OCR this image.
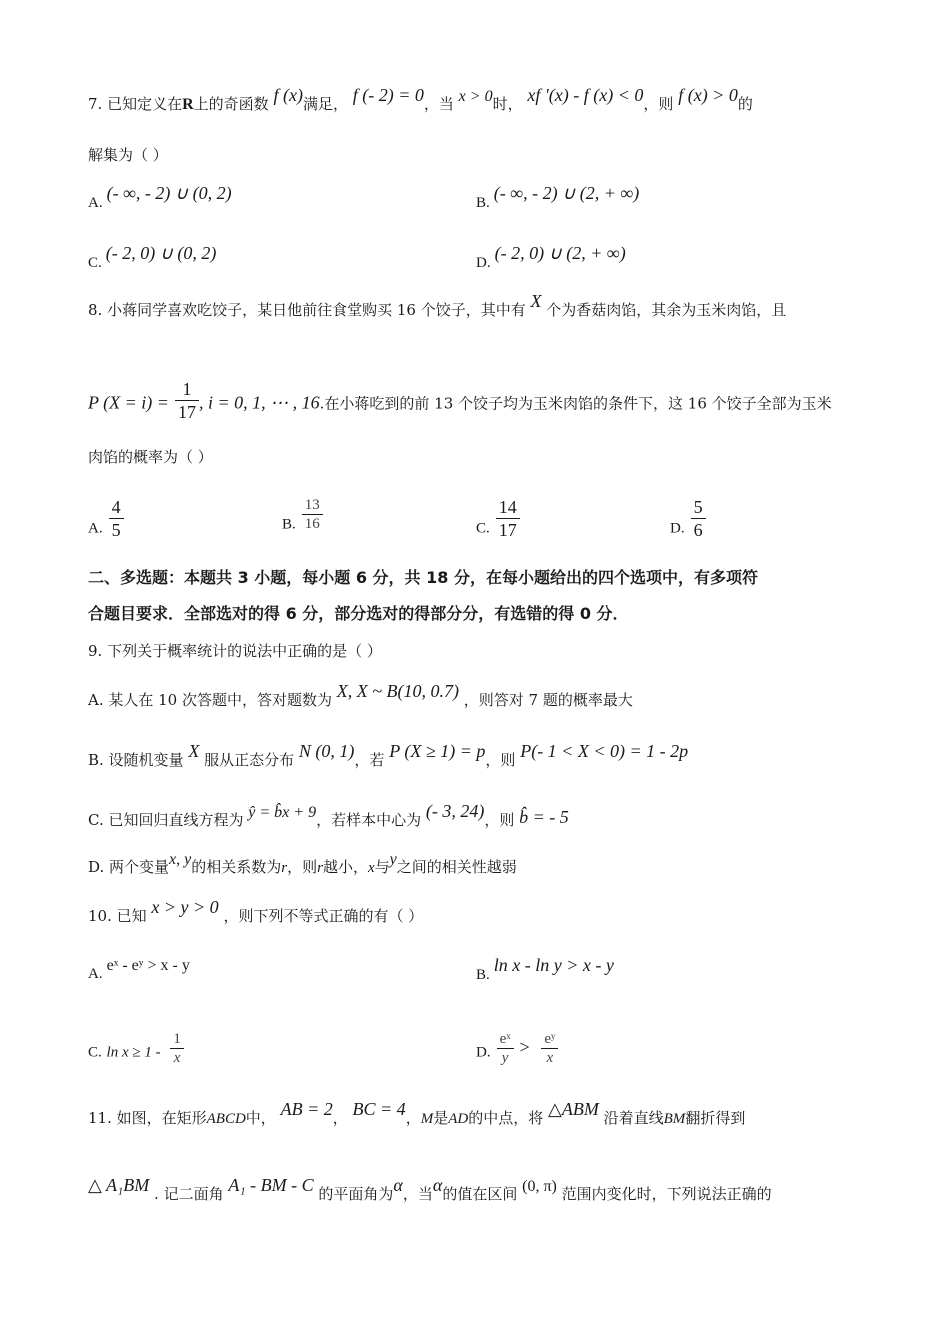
7. 已知定义在R上的奇函数 f (x)满足， f (- 2) = 0，当 x > 0时， xf ′(x) - f (x) < 0，则 f (x) > 0的
解集为（ ）
A. (- ∞, - 2) ∪ (0, 2)	B. (- ∞, - 2) ∪ (2, + ∞)
C. (- 2, 0) ∪ (0, 2)	D. (- 2, 0) ∪ (2, + ∞)
8. 小蒋同学喜欢吃饺子，某日他前往食堂购买 16 个饺子，其中有 X 个为香菇肉馅，其余为玉米肉馅，且
P $(X = i) = \frac{1}{17}$ , i = 0, 1, ⋯ , 16.在小蒋吃到的前 13 个饺子均为玉米肉馅的条件下，这 16 个饺子全部为玉米
肉馅的概率为（ ）
A. $\frac{4}{5}$	B. $\frac{13}{16}$	C. $\frac{14}{17}$	D. $\frac{5}{6}$
二、多选题：本题共 3 小题，每小题 6 分，共 18 分，在每小题给出的四个选项中，有多项符
合题目要求．全部选对的得 6 分，部分选对的得部分分，有选错的得 0 分．
9. 下列关于概率统计的说法中正确的是（ ）
A. 某人在 10 次答题中，答对题数为 X, X ~ B(10, 0.7) ，则答对 7 题的概率最大
B. 设随机变量 X 服从正态分布 N (0, 1)，若 P (X ≥ 1) = p，则 P(- 1 < X < 0) = 1 - 2p
C. 已知回归直线方程为 ŷ = b̂x + 9，若样本中心为 (- 3, 24)，则 b̂ = - 5
D. 两个变量x, y的相关系数为r，则r越小，x与y之间的相关性越弱
10. 已知 x > y > 0 ，则下列不等式正确的有（ ）
A. eˣ - eʸ > x - y
B. ln x - ln y > x - y
C. $\ln x \ge 1 - \frac{1}{x}$	D. $\frac{\text{eˣ}}{y} > \frac{\text{eʸ}}{x}$
11. 如图，在矩形ABCD中， AB = 2， BC = 4，M是AD的中点，将 △ABM 沿着直线BM翻折得到
△ A₁BM . 记二面角 A₁ - BM - C 的平面角为α，当α的值在区间 (0, π) 范围内变化时，下列说法正确的
